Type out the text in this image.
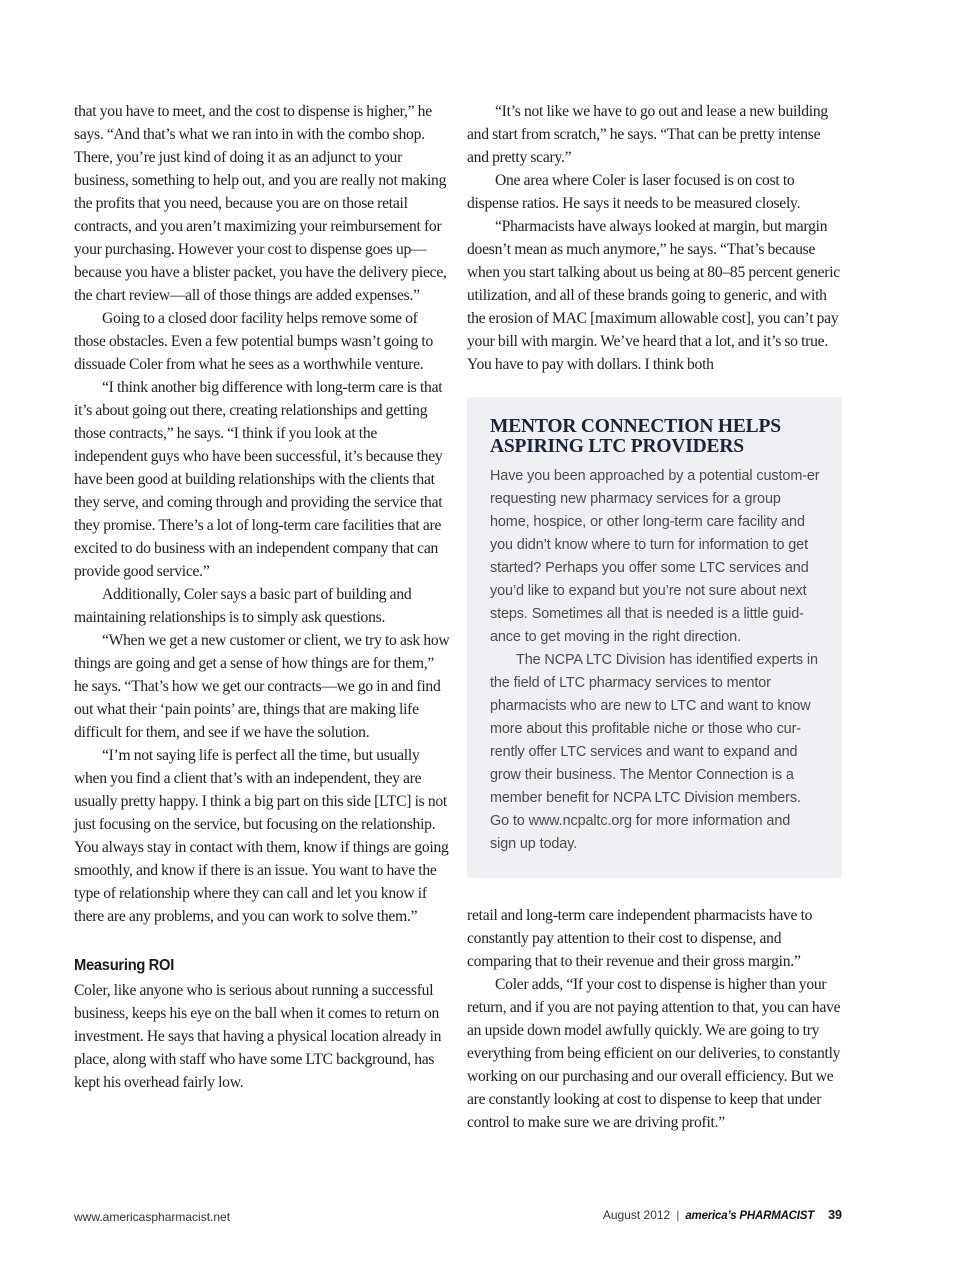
that you have to meet, and the cost to dispense is higher,” he says. “And that’s what we ran into in with the combo shop. There, you’re just kind of doing it as an adjunct to your business, something to help out, and you are really not making the profits that you need, because you are on those retail contracts, and you aren’t maximizing your reimbursement for your purchasing. However your cost to dispense goes up—because you have a blister packet, you have the delivery piece, the chart review—all of those things are added expenses.”

Going to a closed door facility helps remove some of those obstacles. Even a few potential bumps wasn’t going to dissuade Coler from what he sees as a worthwhile venture.

“I think another big difference with long-term care is that it’s about going out there, creating relationships and getting those contracts,” he says. “I think if you look at the independent guys who have been successful, it’s because they have been good at building relationships with the clients that they serve, and coming through and providing the service that they promise. There’s a lot of long-term care facilities that are excited to do business with an independent company that can provide good service.”

Additionally, Coler says a basic part of building and maintaining relationships is to simply ask questions.

“When we get a new customer or client, we try to ask how things are going and get a sense of how things are for them,” he says. “That’s how we get our contracts—we go in and find out what their ‘pain points’ are, things that are making life difficult for them, and see if we have the solution.

“I’m not saying life is perfect all the time, but usually when you find a client that’s with an independent, they are usually pretty happy. I think a big part on this side [LTC] is not just focusing on the service, but focusing on the relationship. You always stay in contact with them, know if things are going smoothly, and know if there is an issue. You want to have the type of relationship where they can call and let you know if there are any problems, and you can work to solve them.”

Measuring ROI

Coler, like anyone who is serious about running a successful business, keeps his eye on the ball when it comes to return on investment. He says that having a physical location already in place, along with staff who have some LTC background, has kept his overhead fairly low.

“It’s not like we have to go out and lease a new building and start from scratch,” he says. “That can be pretty intense and pretty scary.”

One area where Coler is laser focused is on cost to dispense ratios. He says it needs to be measured closely.

“Pharmacists have always looked at margin, but margin doesn’t mean as much anymore,” he says. “That’s because when you start talking about us being at 80–85 percent generic utilization, and all of these brands going to generic, and with the erosion of MAC [maximum allowable cost], you can’t pay your bill with margin. We’ve heard that a lot, and it’s so true. You have to pay with dollars. I think both

MENTOR CONNECTION HELPS ASPIRING LTC PROVIDERS

Have you been approached by a potential custom-er requesting new pharmacy services for a group home, hospice, or other long-term care facility and you didn’t know where to turn for information to get started? Perhaps you offer some LTC services and you’d like to expand but you’re not sure about next steps. Sometimes all that is needed is a little guid-ance to get moving in the right direction.

The NCPA LTC Division has identified experts in the field of LTC pharmacy services to mentor pharmacists who are new to LTC and want to know more about this profitable niche or those who cur-rently offer LTC services and want to expand and grow their business. The Mentor Connection is a member benefit for NCPA LTC Division members. Go to www.ncpaltc.org for more information and sign up today.

retail and long-term care independent pharmacists have to constantly pay attention to their cost to dispense, and comparing that to their revenue and their gross margin.”

Coler adds, “If your cost to dispense is higher than your return, and if you are not paying attention to that, you can have an upside down model awfully quickly. We are going to try everything from being efficient on our deliveries, to constantly working on our purchasing and our overall efficiency. But we are constantly looking at cost to dispense to keep that under control to make sure we are driving profit.”

www.americaspharmacist.net	August 2012 | america’s PHARMACIST 39
